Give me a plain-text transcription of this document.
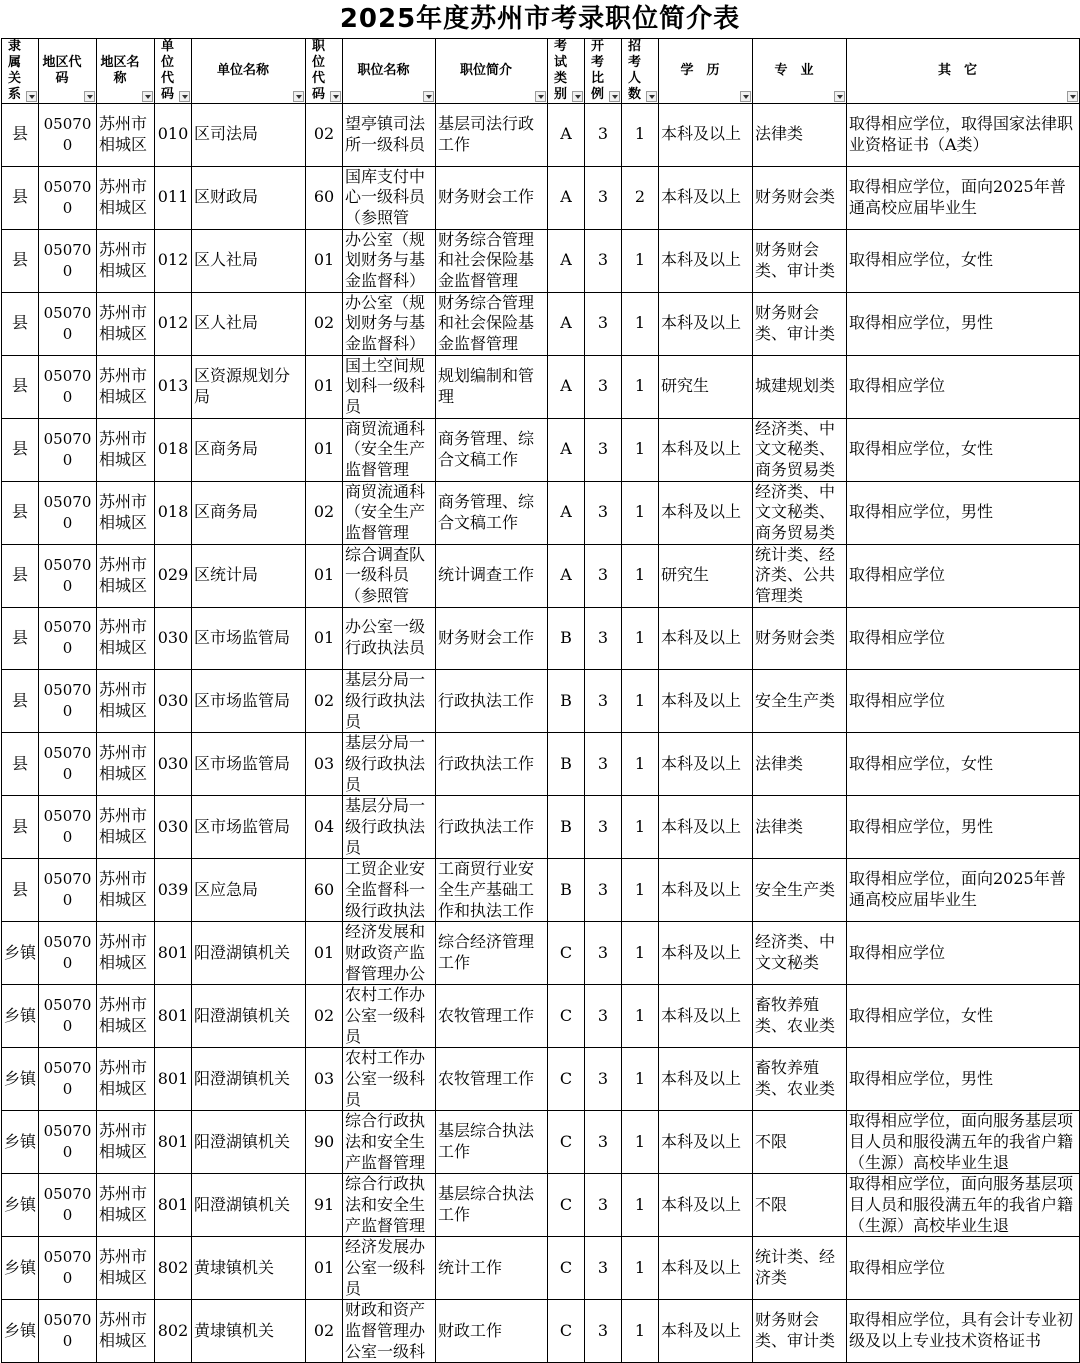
2025年度苏州市考录职位简介表
隶属关系	地区代码	地区名称	单位代码	单位名称	职位代码	职位名称	职位简介	考试类别	开考比例	招考人数	学　历	专　业	其　它

县	050700	苏州市相城区	010	区司法局	02	望亭镇司法所一级科员	基层司法行政工作	A	3	1	本科及以上	法律类	取得相应学位，取得国家法律职业资格证书（A类）

县	050700	苏州市相城区	011	区财政局	60	国库支付中心一级科员（参照管	财务财会工作	A	3	2	本科及以上	财务财会类	取得相应学位，面向2025年普通高校应届毕业生

县	050700	苏州市相城区	012	区人社局	01	办公室（规划财务与基金监督科）	财务综合管理和社会保险基金监督管理	A	3	1	本科及以上	财务财会类、审计类	取得相应学位，女性

县	050700	苏州市相城区	012	区人社局	02	办公室（规划财务与基金监督科）	财务综合管理和社会保险基金监督管理	A	3	1	本科及以上	财务财会类、审计类	取得相应学位，男性

县	050700	苏州市相城区	013	区资源规划分局	01	国土空间规划科一级科员	规划编制和管理	A	3	1	研究生	城建规划类	取得相应学位

县	050700	苏州市相城区	018	区商务局	01	商贸流通科（安全生产监督管理	商务管理、综合文稿工作	A	3	1	本科及以上	经济类、中文文秘类、商务贸易类	取得相应学位，女性

县	050700	苏州市相城区	018	区商务局	02	商贸流通科（安全生产监督管理	商务管理、综合文稿工作	A	3	1	本科及以上	经济类、中文文秘类、商务贸易类	取得相应学位，男性

县	050700	苏州市相城区	029	区统计局	01	综合调查队一级科员（参照管	统计调查工作	A	3	1	研究生	统计类、经济类、公共管理类	取得相应学位

县	050700	苏州市相城区	030	区市场监管局	01	办公室一级行政执法员	财务财会工作	B	3	1	本科及以上	财务财会类	取得相应学位

县	050700	苏州市相城区	030	区市场监管局	02	基层分局一级行政执法员	行政执法工作	B	3	1	本科及以上	安全生产类	取得相应学位

县	050700	苏州市相城区	030	区市场监管局	03	基层分局一级行政执法员	行政执法工作	B	3	1	本科及以上	法律类	取得相应学位，女性

县	050700	苏州市相城区	030	区市场监管局	04	基层分局一级行政执法员	行政执法工作	B	3	1	本科及以上	法律类	取得相应学位，男性

县	050700	苏州市相城区	039	区应急局	60	工贸企业安全监督科一级行政执法	工商贸行业安全生产基础工作和执法工作	B	3	1	本科及以上	安全生产类	取得相应学位，面向2025年普通高校应届毕业生

乡镇	050700	苏州市相城区	801	阳澄湖镇机关	01	经济发展和财政资产监督管理办公	综合经济管理工作	C	3	1	本科及以上	经济类、中文文秘类	取得相应学位

乡镇	050700	苏州市相城区	801	阳澄湖镇机关	02	农村工作办公室一级科员	农牧管理工作	C	3	1	本科及以上	畜牧养殖类、农业类	取得相应学位，女性

乡镇	050700	苏州市相城区	801	阳澄湖镇机关	03	农村工作办公室一级科员	农牧管理工作	C	3	1	本科及以上	畜牧养殖类、农业类	取得相应学位，男性

乡镇	050700	苏州市相城区	801	阳澄湖镇机关	90	综合行政执法和安全生产监督管理	基层综合执法工作	C	3	1	本科及以上	不限	取得相应学位，面向服务基层项目人员和服役满五年的我省户籍（生源）高校毕业生退

乡镇	050700	苏州市相城区	801	阳澄湖镇机关	91	综合行政执法和安全生产监督管理	基层综合执法工作	C	3	1	本科及以上	不限	取得相应学位，面向服务基层项目人员和服役满五年的我省户籍（生源）高校毕业生退

乡镇	050700	苏州市相城区	802	黄埭镇机关	01	经济发展办公室一级科员	统计工作	C	3	1	本科及以上	统计类、经济类	取得相应学位

乡镇	050700	苏州市相城区	802	黄埭镇机关	02	财政和资产监督管理办公室一级科	财政工作	C	3	1	本科及以上	财务财会类、审计类	取得相应学位，具有会计专业初级及以上专业技术资格证书
